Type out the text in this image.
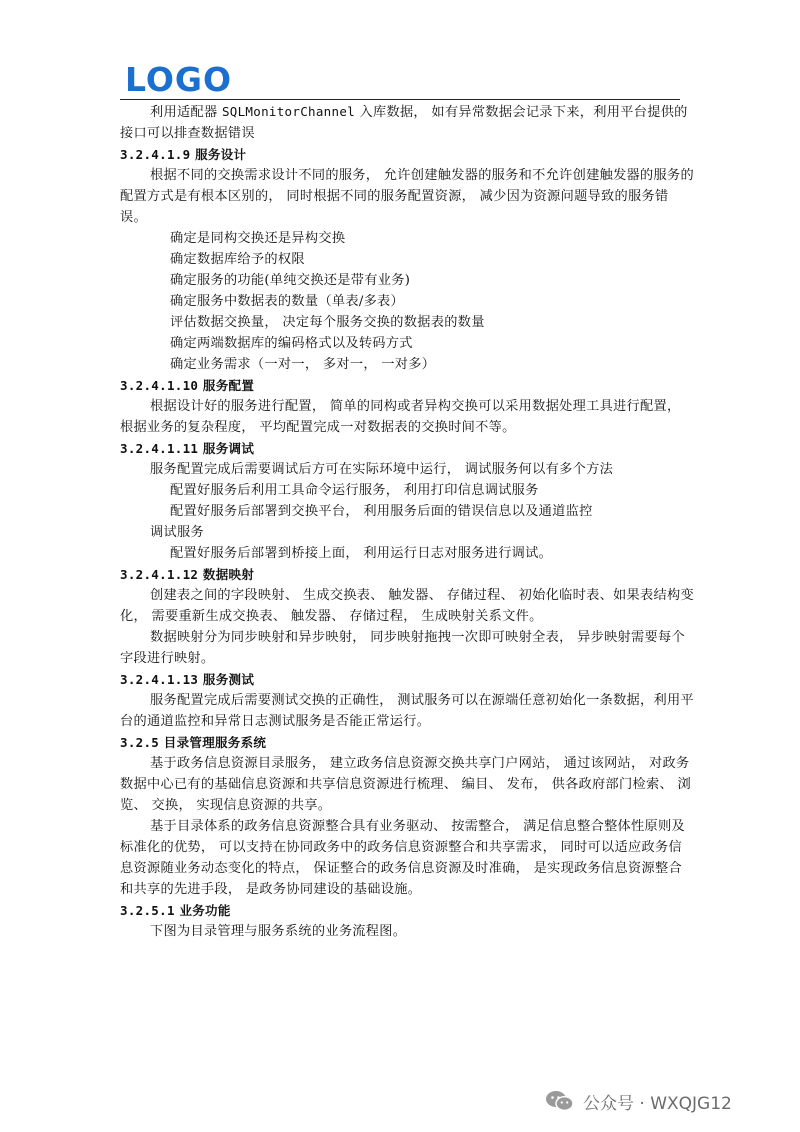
LOGO

利用适配器 SQLMonitorChannel 入库数据， 如有异常数据会记录下来，利用平台提供的接口可以排查数据错误

3.2.4.1.9 服务设计

根据不同的交换需求设计不同的服务， 允许创建触发器的服务和不允许创建触发器的服务的配置方式是有根本区别的， 同时根据不同的服务配置资源， 减少因为资源问题导致的服务错误。

确定是同构交换还是异构交换

确定数据库给予的权限

确定服务的功能(单纯交换还是带有业务)

确定服务中数据表的数量（单表/多表）

评估数据交换量， 决定每个服务交换的数据表的数量

确定两端数据库的编码格式以及转码方式

确定业务需求（一对一， 多对一， 一对多）

3.2.4.1.10 服务配置

根据设计好的服务进行配置， 简单的同构或者异构交换可以采用数据处理工具进行配置， 根据业务的复杂程度， 平均配置完成一对数据表的交换时间不等。

3.2.4.1.11 服务调试

服务配置完成后需要调试后方可在实际环境中运行， 调试服务何以有多个方法

配置好服务后利用工具命令运行服务， 利用打印信息调试服务

配置好服务后部署到交换平台， 利用服务后面的错误信息以及通道监控

调试服务

配置好服务后部署到桥接上面， 利用运行日志对服务进行调试。

3.2.4.1.12 数据映射

创建表之间的字段映射、 生成交换表、 触发器、 存储过程、 初始化临时表、如果表结构变化， 需要重新生成交换表、 触发器、 存储过程， 生成映射关系文件。

数据映射分为同步映射和异步映射， 同步映射拖拽一次即可映射全表， 异步映射需要每个字段进行映射。

3.2.4.1.13 服务测试

服务配置完成后需要测试交换的正确性， 测试服务可以在源端任意初始化一条数据，利用平台的通道监控和异常日志测试服务是否能正常运行。

3.2.5 目录管理服务系统

基于政务信息资源目录服务， 建立政务信息资源交换共享门户网站， 通过该网站， 对政务数据中心已有的基础信息资源和共享信息资源进行梳理、 编目、 发布， 供各政府部门检索、 浏览、 交换， 实现信息资源的共享。

基于目录体系的政务信息资源整合具有业务驱动、 按需整合， 满足信息整合整体性原则及标准化的优势， 可以支持在协同政务中的政务信息资源整合和共享需求， 同时可以适应政务信息资源随业务动态变化的特点， 保证整合的政务信息资源及时准确， 是实现政务信息资源整合和共享的先进手段， 是政务协同建设的基础设施。

3.2.5.1 业务功能

下图为目录管理与服务系统的业务流程图。

公众号 · WXQJG12
